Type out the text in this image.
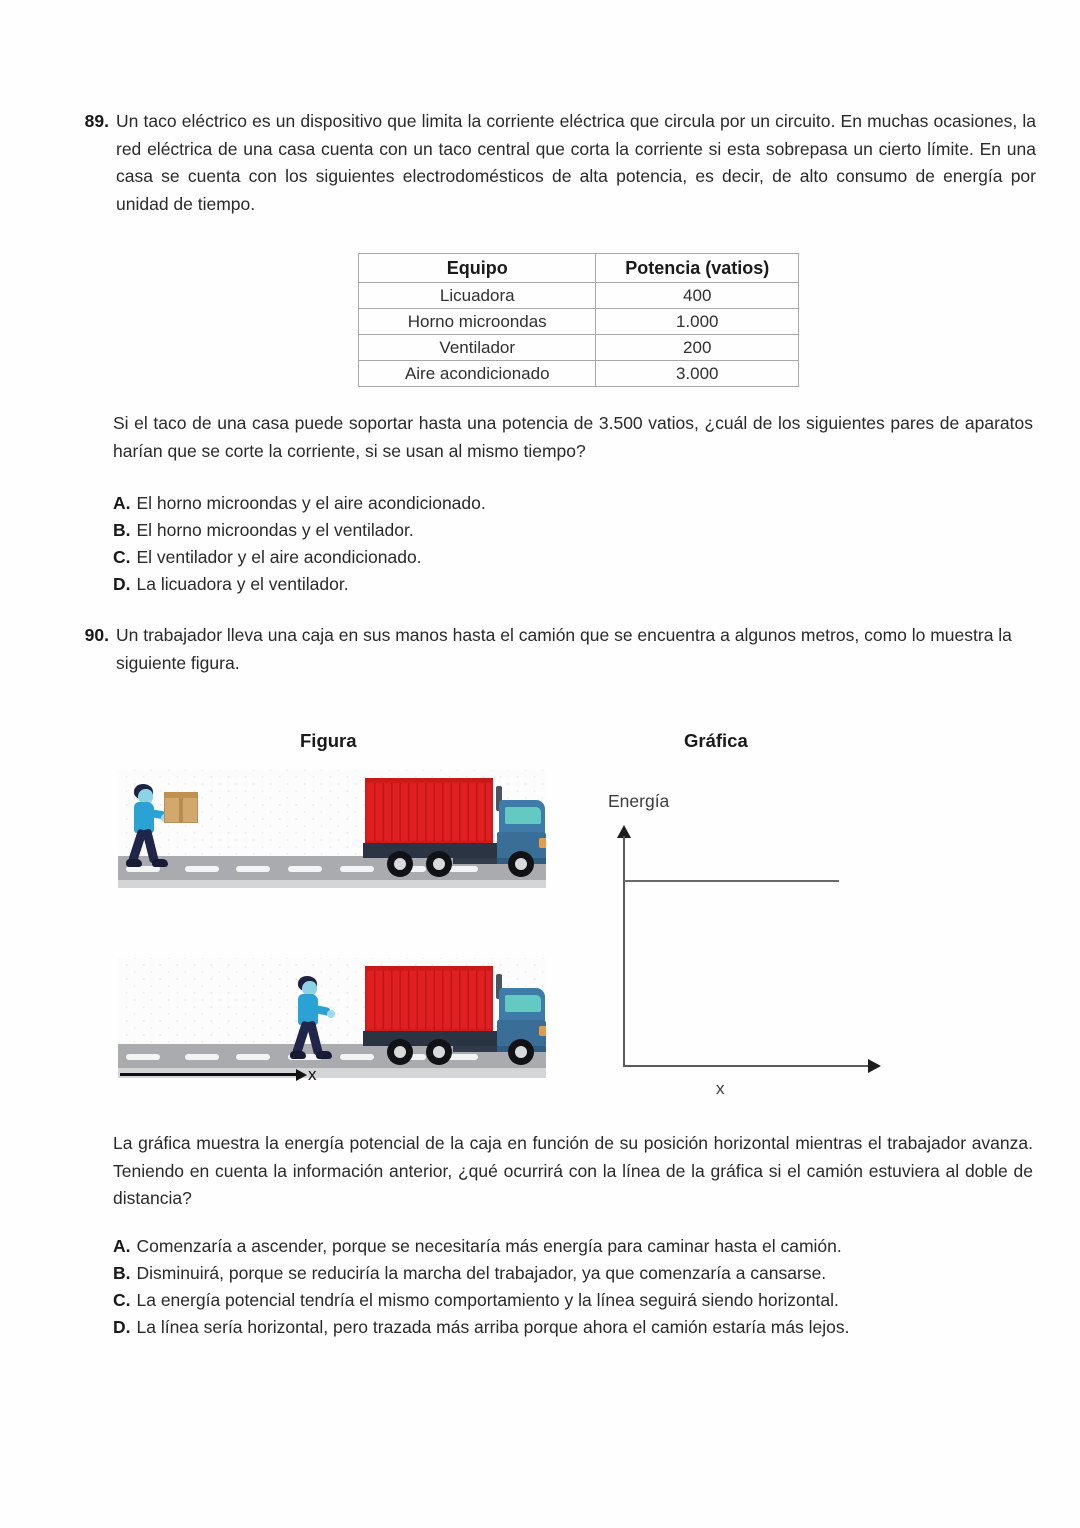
89. Un taco eléctrico es un dispositivo que limita la corriente eléctrica que circula por un circuito. En muchas ocasiones, la red eléctrica de una casa cuenta con un taco central que corta la corriente si esta sobrepasa un cierto límite. En una casa se cuenta con los siguientes electrodomésticos de alta potencia, es decir, de alto consumo de energía por unidad de tiempo.
Equipo	Potencia (vatios)
Licuadora	400
Horno microondas	1.000
Ventilador	200
Aire acondicionado	3.000
Si el taco de una casa puede soportar hasta una potencia de 3.500 vatios, ¿cuál de los siguientes pares de aparatos harían que se corte la corriente, si se usan al mismo tiempo?
A. El horno microondas y el aire acondicionado.
B. El horno microondas y el ventilador.
C. El ventilador y el aire acondicionado.
D. La licuadora y el ventilador.
90. Un trabajador lleva una caja en sus manos hasta el camión que se encuentra a algunos metros, como lo muestra la siguiente figura.
Figura	Gráfica
x
Energía
x
La gráfica muestra la energía potencial de la caja en función de su posición horizontal mientras el trabajador avanza. Teniendo en cuenta la información anterior, ¿qué ocurrirá con la línea de la gráfica si el camión estuviera al doble de distancia?
A. Comenzaría a ascender, porque se necesitaría más energía para caminar hasta el camión.
B. Disminuirá, porque se reduciría la marcha del trabajador, ya que comenzaría a cansarse.
C. La energía potencial tendría el mismo comportamiento y la línea seguirá siendo horizontal.
D. La línea sería horizontal, pero trazada más arriba porque ahora el camión estaría más lejos.
